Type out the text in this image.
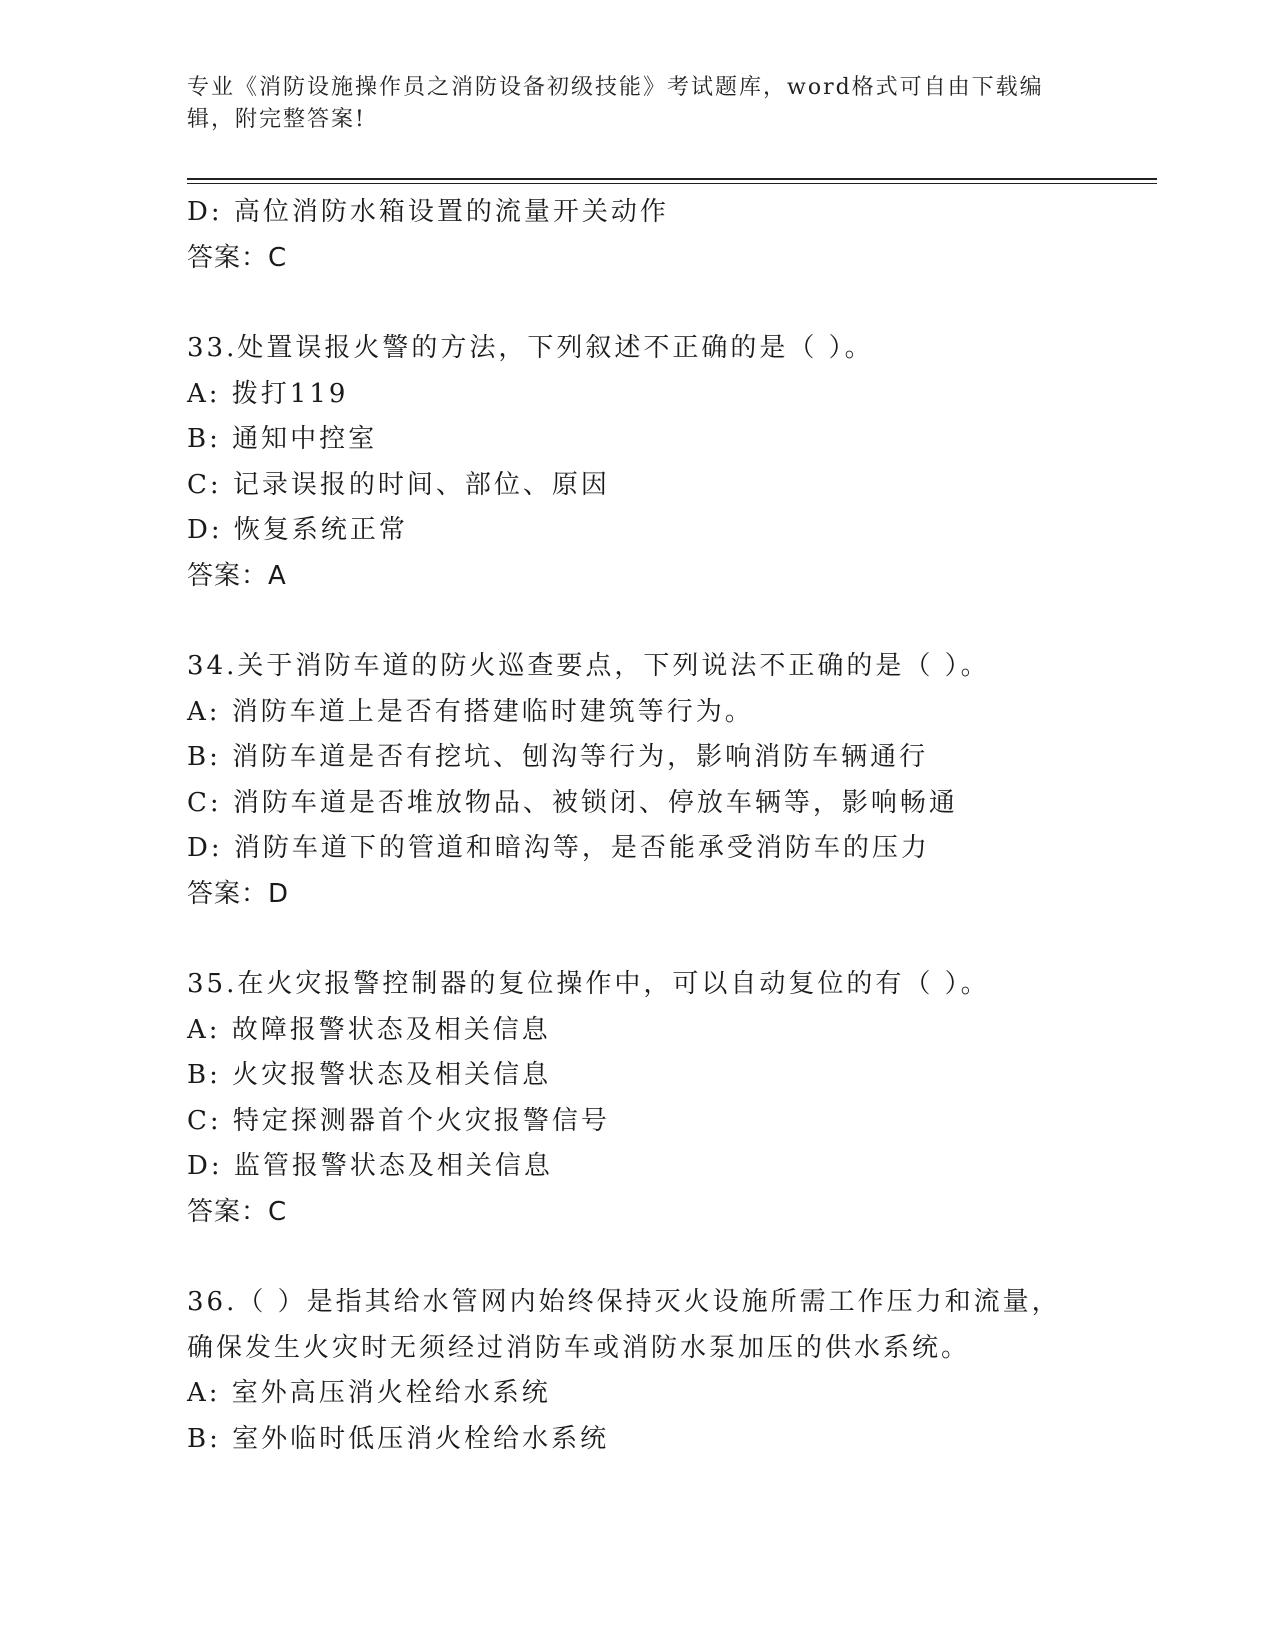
专业《消防设施操作员之消防设备初级技能》考试题库，word格式可自由下载编
辑，附完整答案!
D: 高位消防水箱设置的流量开关动作
答案：C
33.处置误报火警的方法，下列叙述不正确的是（ ）。
A: 拨打119
B: 通知中控室
C: 记录误报的时间、部位、原因
D: 恢复系统正常
答案：A
34.关于消防车道的防火巡查要点，下列说法不正确的是（ ）。
A: 消防车道上是否有搭建临时建筑等行为。
B: 消防车道是否有挖坑、刨沟等行为，影响消防车辆通行
C: 消防车道是否堆放物品、被锁闭、停放车辆等，影响畅通
D: 消防车道下的管道和暗沟等，是否能承受消防车的压力
答案：D
35.在火灾报警控制器的复位操作中，可以自动复位的有（ ）。
A: 故障报警状态及相关信息
B: 火灾报警状态及相关信息
C: 特定探测器首个火灾报警信号
D: 监管报警状态及相关信息
答案：C
36.（ ）是指其给水管网内始终保持灭火设施所需工作压力和流量，
确保发生火灾时无须经过消防车或消防水泵加压的供水系统。
A: 室外高压消火栓给水系统
B: 室外临时低压消火栓给水系统
